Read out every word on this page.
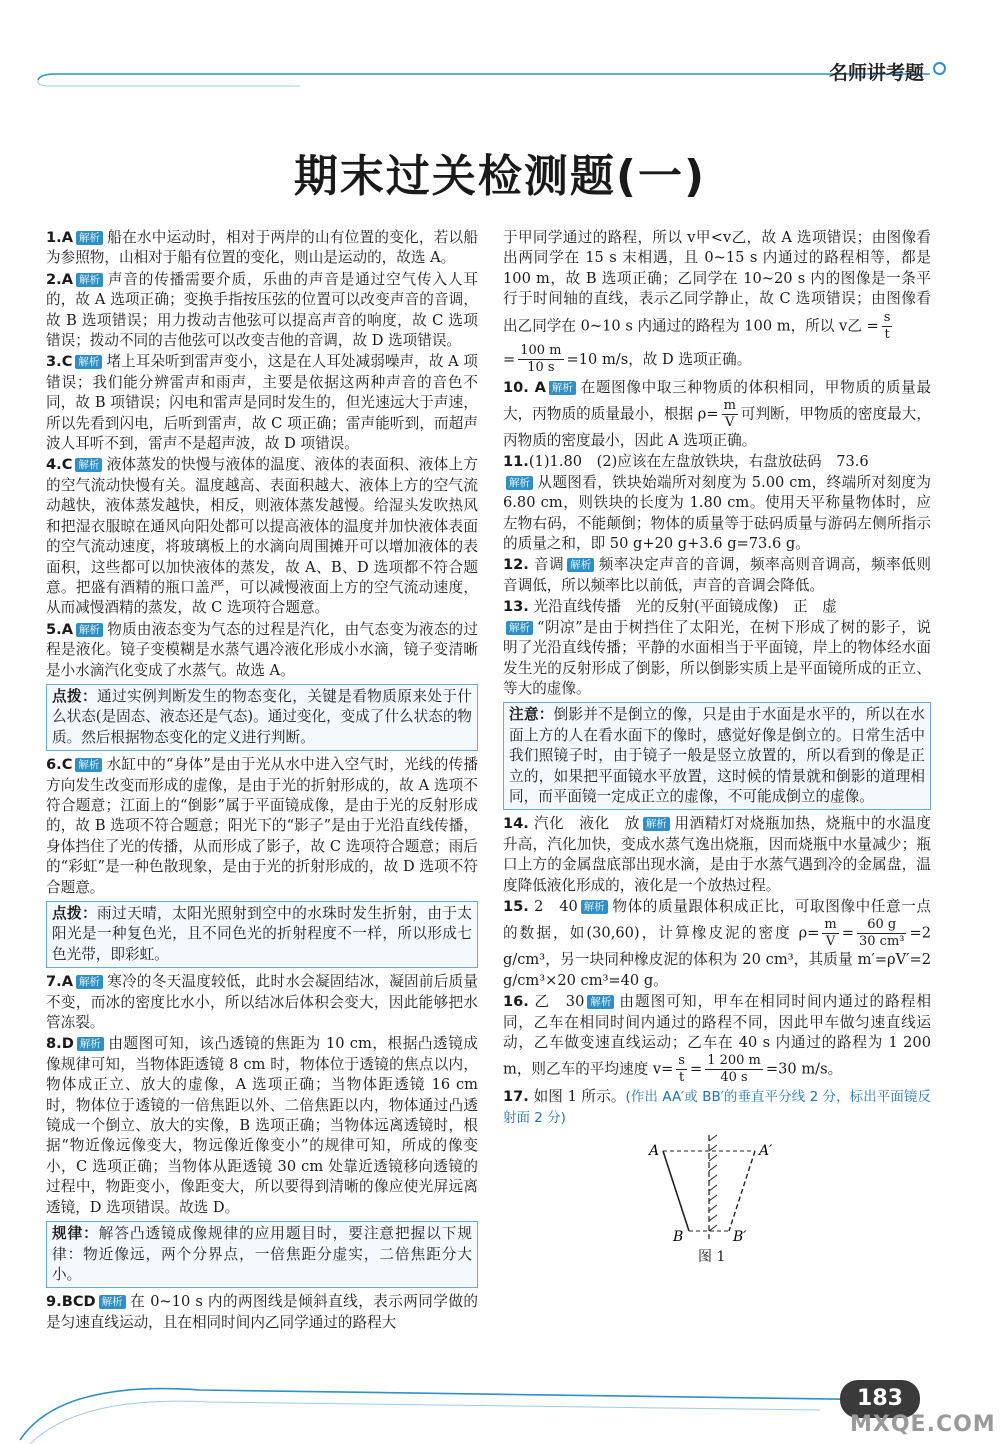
名师讲考题
期末过关检测题(一)
1.A 解析 船在水中运动时，相对于两岸的山有位置的变化，若以船为参照物，山相对于船有位置的变化，则山是运动的，故选 A。
2.A 解析 声音的传播需要介质，乐曲的声音是通过空气传入人耳的，故 A 选项正确；变换手指按压弦的位置可以改变声音的音调，故 B 选项错误；用力拨动吉他弦可以提高声音的响度，故 C 选项错误；拨动不同的吉他弦可以改变吉他的音调，故 D 选项错误。
3.C 解析 堵上耳朵听到雷声变小，这是在人耳处减弱噪声，故 A 项错误；我们能分辨雷声和雨声，主要是依据这两种声音的音色不同，故 B 项错误；闪电和雷声是同时发生的，但光速远大于声速，所以先看到闪电，后听到雷声，故 C 项正确；雷声能听到，而超声波人耳听不到，雷声不是超声波，故 D 项错误。
4.C 解析 液体蒸发的快慢与液体的温度、液体的表面积、液体上方的空气流动快慢有关。温度越高、表面积越大、液体上方的空气流动越快，液体蒸发越快，相反，则液体蒸发越慢。给湿头发吹热风和把湿衣服晾在通风向阳处都可以提高液体的温度并加快液体表面的空气流动速度，将玻璃板上的水滴向周围摊开可以增加液体的表面积，这些都可以加快液体的蒸发，故 A、B、D 选项都不符合题意。把盛有酒精的瓶口盖严，可以减慢液面上方的空气流动速度，从而减慢酒精的蒸发，故 C 选项符合题意。
5.A 解析 物质由液态变为气态的过程是汽化，由气态变为液态的过程是液化。镜子变模糊是水蒸气遇冷液化形成小水滴，镜子变清晰是小水滴汽化变成了水蒸气。故选 A。
点拨：通过实例判断发生的物态变化，关键是看物质原来处于什么状态(是固态、液态还是气态)。通过变化，变成了什么状态的物质。然后根据物态变化的定义进行判断。
6.C 解析 水缸中的“身体”是由于光从水中进入空气时，光线的传播方向发生改变而形成的虚像，是由于光的折射形成的，故 A 选项不符合题意；江面上的“倒影”属于平面镜成像，是由于光的反射形成的，故 B 选项不符合题意；阳光下的“影子”是由于光沿直线传播，身体挡住了光的传播，从而形成了影子，故 C 选项符合题意；雨后的“彩虹”是一种色散现象，是由于光的折射形成的，故 D 选项不符合题意。
点拨：雨过天晴，太阳光照射到空中的水珠时发生折射，由于太阳光是一种复色光，且不同色光的折射程度不一样，所以形成七色光带，即彩虹。
7.A 解析 寒冷的冬天温度较低，此时水会凝固结冰，凝固前后质量不变，而冰的密度比水小，所以结冰后体积会变大，因此能够把水管冻裂。
8.D 解析 由题图可知，该凸透镜的焦距为 10 cm，根据凸透镜成像规律可知，当物体距透镜 8 cm 时，物体位于透镜的焦点以内，物体成正立、放大的虚像，A 选项正确；当物体距透镜 16 cm 时，物体位于透镜的一倍焦距以外、二倍焦距以内，物体通过凸透镜成一个倒立、放大的实像，B 选项正确；当物体远离透镜时，根据“物近像远像变大，物远像近像变小”的规律可知，所成的像变小，C 选项正确；当物体从距透镜 30 cm 处靠近透镜移向透镜的过程中，物距变小，像距变大，所以要得到清晰的像应使光屏远离透镜，D 选项错误。故选 D。
规律：解答凸透镜成像规律的应用题目时，要注意把握以下规律：物近像远，两个分界点，一倍焦距分虚实，二倍焦距分大小。
9.BCD 解析 在 0~10 s 内的两图线是倾斜直线，表示两同学做的是匀速直线运动，且在相同时间内乙同学通过的路程大
于甲同学通过的路程，所以 v甲<v乙，故 A 选项错误；由图像看出两同学在 15 s 末相遇，且 0~15 s 内通过的路程相等，都是 100 m，故 B 选项正确；乙同学在 10~20 s 内的图像是一条平行于时间轴的直线，表示乙同学静止，故 C 选项错误；由图像看出乙同学在 0~10 s 内通过的路程为 100 m，所以 v乙 = $\frac{s}{t}$
= $\frac{100 m}{10 s} =10$ m/s，故 D 选项正确。
10. A 解析 在题图像中取三种物质的体积相同，甲物质的质量最大，丙物质的质量最小，根据 $\rho= \frac{m}{V}$ 可判断，甲物质的密度最大，丙物质的密度最小，因此 A 选项正确。
11.(1)1.80　(2)应该在左盘放铁块，右盘放砝码　73.6
解析 从题图看，铁块始端所对刻度为 5.00 cm，终端所对刻度为 6.80 cm，则铁块的长度为 1.80 cm。使用天平称量物体时，应左物右码，不能颠倒；物体的质量等于砝码质量与游码左侧所指示的质量之和，即 50 g+20 g+3.6 g=73.6 g。
12. 音调 解析 频率决定声音的音调，频率高则音调高，频率低则音调低，所以频率比以前低，声音的音调会降低。
13. 光沿直线传播　光的反射(平面镜成像)　正　虚
解析 “阴凉”是由于树挡住了太阳光，在树下形成了树的影子，说明了光沿直线传播；平静的水面相当于平面镜，岸上的物体经水面发生光的反射形成了倒影，所以倒影实质上是平面镜所成的正立、等大的虚像。
注意：倒影并不是倒立的像，只是由于水面是水平的，所以在水面上方的人在看水面下的像时，感觉好像是倒立的。日常生活中我们照镜子时，由于镜子一般是竖立放置的，所以看到的像是正立的，如果把平面镜水平放置，这时候的情景就和倒影的道理相同，而平面镜一定成正立的虚像，不可能成倒立的虚像。
14. 汽化　液化　放 解析 用酒精灯对烧瓶加热，烧瓶中的水温度升高，汽化加快，变成水蒸气逸出烧瓶，因而烧瓶中水量减少；瓶口上方的金属盘底部出现水滴，是由于水蒸气遇到冷的金属盘，温度降低液化形成的，液化是一个放热过程。
15. 2　40 解析 物体的质量跟体积成正比，可取图像中任意一点的数据，如(30,60)，计算橡皮泥的密度 $\rho= \frac{m}{V} = \frac{60 g}{\text{30 cm³}} =2$ g/cm³，另一块同种橡皮泥的体积为 20 cm³，其质量 m′=ρV′=2 g/cm³×20 cm³=40 g。
16. 乙　30 解析 由题图可知，甲车在相同时间内通过的路程相同，乙车在相同时间内通过的路程不同，因此甲车做匀速直线运动，乙车做变速直线运动；乙车在 40 s 内通过的路程为 1 200 m，则乙车的平均速度 $v= \frac{s}{t} = \frac{1 200 m}{40 s} =30$ m/s。
17. 如图 1 所示。(作出 AA′或 BB′的垂直平分线 2 分，标出平面镜反射面 2 分)
A	A′
B	B′
图 1
183
MXQE.COM
